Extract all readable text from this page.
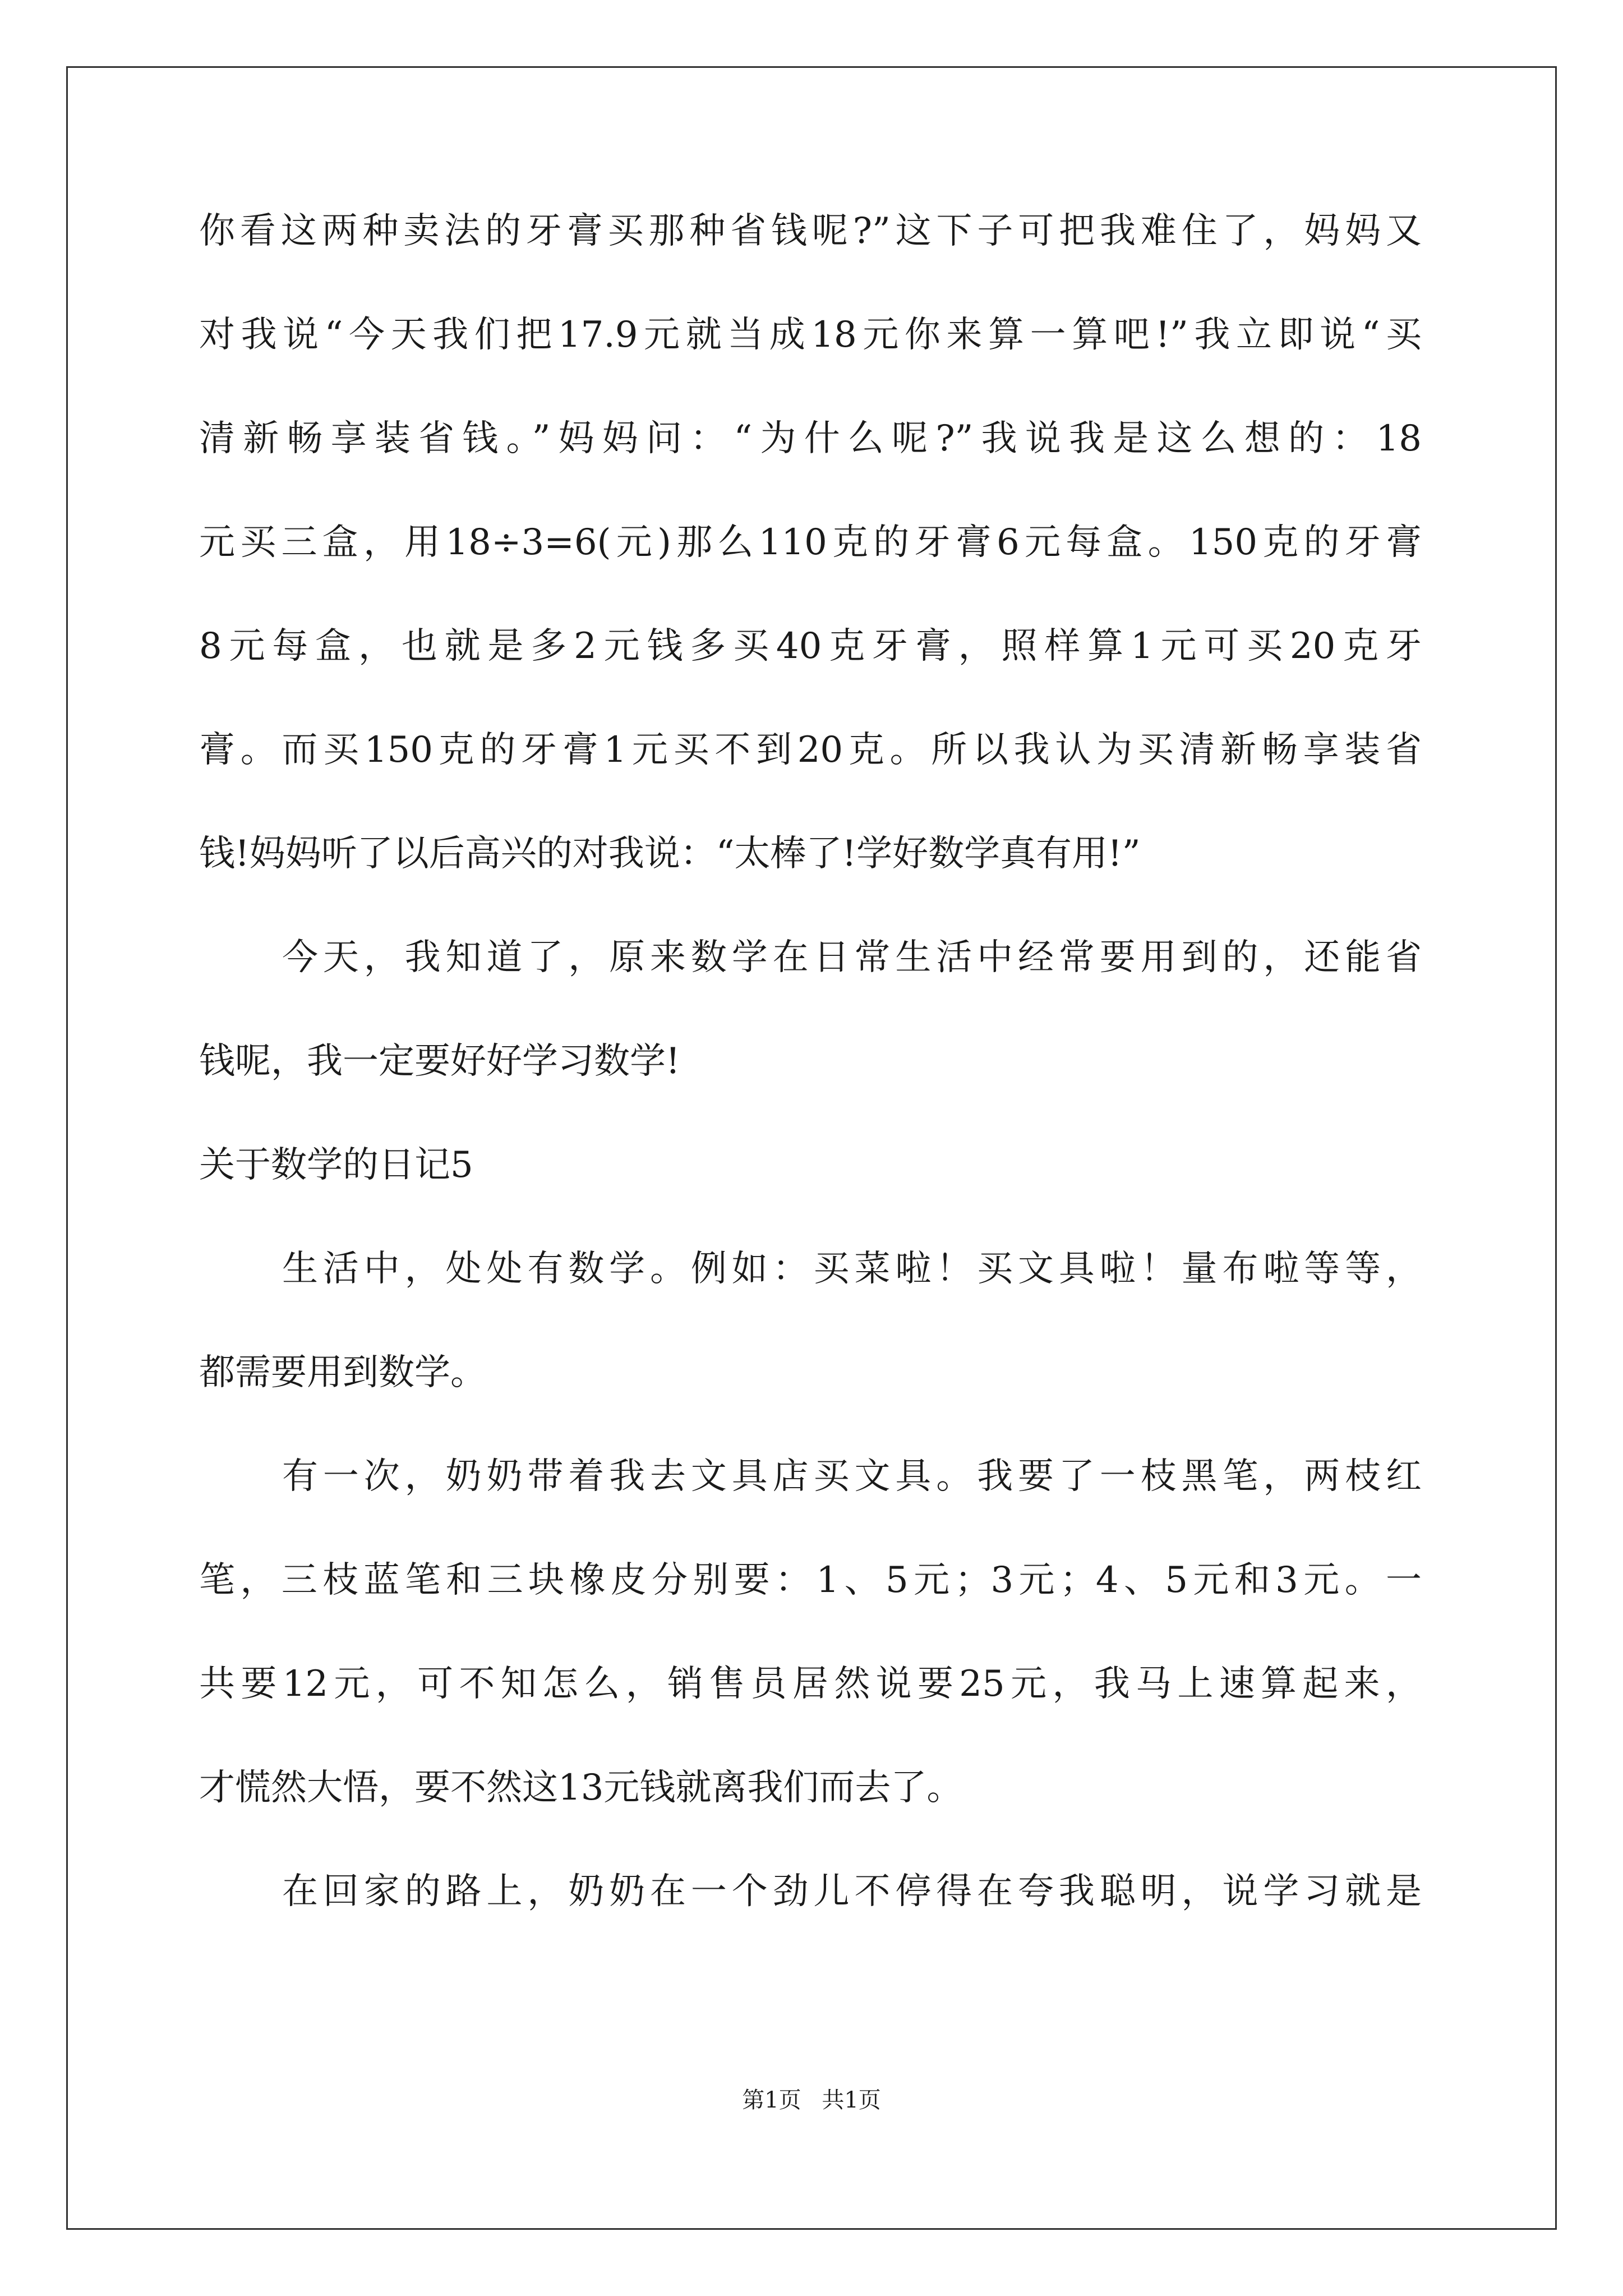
你看这两种卖法的牙膏买那种省钱呢?”这下子可把我难住了，妈妈又
对我说“今天我们把17.9元就当成18元你来算一算吧!”我立即说“买
清新畅享装省钱。”妈妈问：“为什么呢?”我说我是这么想的：18
元买三盒，用18÷3=6(元)那么110克的牙膏6元每盒。150克的牙膏
8元每盒，也就是多2元钱多买40克牙膏，照样算1元可买20克牙
膏。而买150克的牙膏1元买不到20克。所以我认为买清新畅享装省
钱!妈妈听了以后高兴的对我说：“太棒了!学好数学真有用!”
今天，我知道了，原来数学在日常生活中经常要用到的，还能省
钱呢，我一定要好好学习数学!
关于数学的日记5
生活中，处处有数学。例如：买菜啦！买文具啦！量布啦等等，
都需要用到数学。
有一次，奶奶带着我去文具店买文具。我要了一枝黑笔，两枝红
笔，三枝蓝笔和三块橡皮分别要：1、5元；3元；4、5元和3元。一
共要12元，可不知怎么，销售员居然说要25元，我马上速算起来，
才慌然大悟，要不然这13元钱就离我们而去了。
在回家的路上，奶奶在一个劲儿不停得在夸我聪明，说学习就是
第1页 共1页
